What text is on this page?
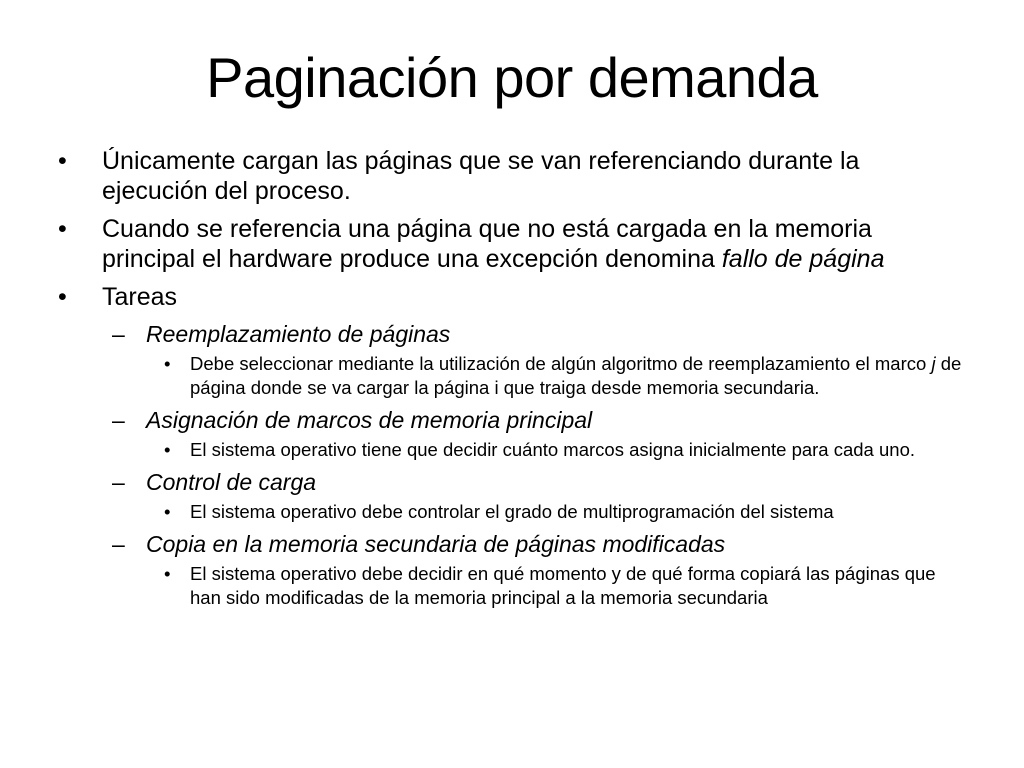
Paginación por demanda
• Únicamente cargan las páginas que se van referenciando durante la ejecución del proceso.
• Cuando se referencia una página que no está cargada en la memoria principal el hardware produce una excepción denomina fallo de página
• Tareas
– Reemplazamiento de páginas
• Debe seleccionar mediante la utilización de algún algoritmo de reemplazamiento el marco j de página donde se va cargar la página i que traiga desde memoria secundaria.
– Asignación de marcos de memoria principal
• El sistema operativo tiene que decidir cuánto marcos asigna inicialmente para cada uno.
– Control de carga
• El sistema operativo debe controlar el grado de multiprogramación del sistema
– Copia en la memoria secundaria de páginas modificadas
• El sistema operativo debe decidir en qué momento y de qué forma copiará las páginas que han sido modificadas de la memoria principal a la memoria secundaria
